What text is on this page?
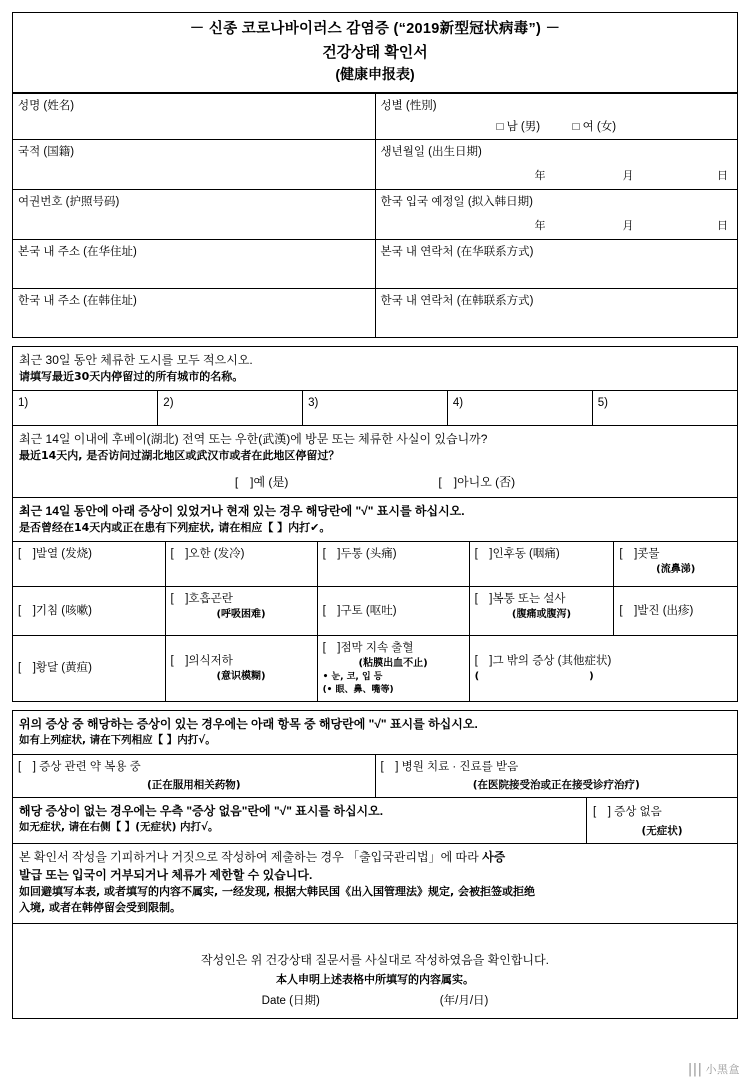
－ 신종 코로나바이러스 감염증 (“2019新型冠状病毒”) －
건강상태 확인서
(健康申报表)
성명 (姓名)	성별 (性別)
□ 남 (男) □ 여 (女)

국적 (国籍)	생년월일 (出生日期)
年 月 日

여권번호 (护照号码)	한국 입국 예정일 (拟入韩日期)
年 月 日

본국 내 주소 (在华住址)	본국 내 연락처 (在华联系方式)
한국 내 주소 (在韩住址)	한국 내 연락처 (在韩联系方式)
최근 30일 동안 체류한 도시를 모두 적으시오.
请填写最近30天内停留过的所有城市的名称。
1)	2)	3)	4)	5)
최근 14일 이내에 후베이(湖北) 전역 또는 우한(武漢)에 방문 또는 체류한 사실이 있습니까?
最近14天内, 是否访问过湖北地区或武汉市或者在此地区停留过？
[　]예 (是)	[　]아니오 (否)
최근 14일 동안에 아래 증상이 있었거나 현재 있는 경우 해당란에 "√" 표시를 하십시오.
是否曾经在14天内或正在患有下列症状, 请在相应【 】内打✔。
[　]발열 (发烧)	[　]오한 (发冷)	[　]두통 (头痛)	[　]인후동 (咽痛)	[　]콧물
(流鼻涕)

[　]기침 (咳嗽)	[　]호흡곤란
(呼吸困难)	[　]구토 (呕吐)	[　]복통 또는 설사
(腹痛或腹泻)	[　]발진 (出疹)
[　]황달 (黄疸)	[　]의식저하
(意识模糊)	[　]점막 지속 출혈
(粘膜出血不止)
• 눈, 코, 입 등
(• 眼、鼻、嘴等)	[　]그 밖의 증상 (其他症状)
(　　　　　　　　　　　)	
위의 증상 중 해당하는 증상이 있는 경우에는 아래 항목 중 해당란에 "√" 표시를 하십시오.
如有上列症状, 请在下列相应【 】内打√。
[　] 증상 관련 약 복용 중
(正在服用相关药物)
	[　] 병원 치료 · 진료를 받음
(在医院接受治或正在接受诊疗治疗)
해당 증상이 없는 경우에는 우측 "증상 없음"란에 "√" 표시를 하십시오.
如无症状, 请在右侧【 】(无症状) 内打√。
[　] 증상 없음
(无症状)
본 확인서 작성을 기피하거나 거짓으로 작성하여 제출하는 경우 「출입국관리법」에 따라 사증
발급 또는 입국이 거부되거나 체류가 제한할 수 있습니다.
如回避填写本表, 或者填写的内容不属实, 一经发现, 根据大韩民国《出入国管理法》规定, 会被拒签或拒绝
入境, 或者在韩停留会受到限制。
작성인은 위 건강상태 질문서를 사실대로 작성하였음을 확인합니다.
本人申明上述表格中所填写的内容属实。
Date (日期)	(年/月/日)
||| 小黑盒
